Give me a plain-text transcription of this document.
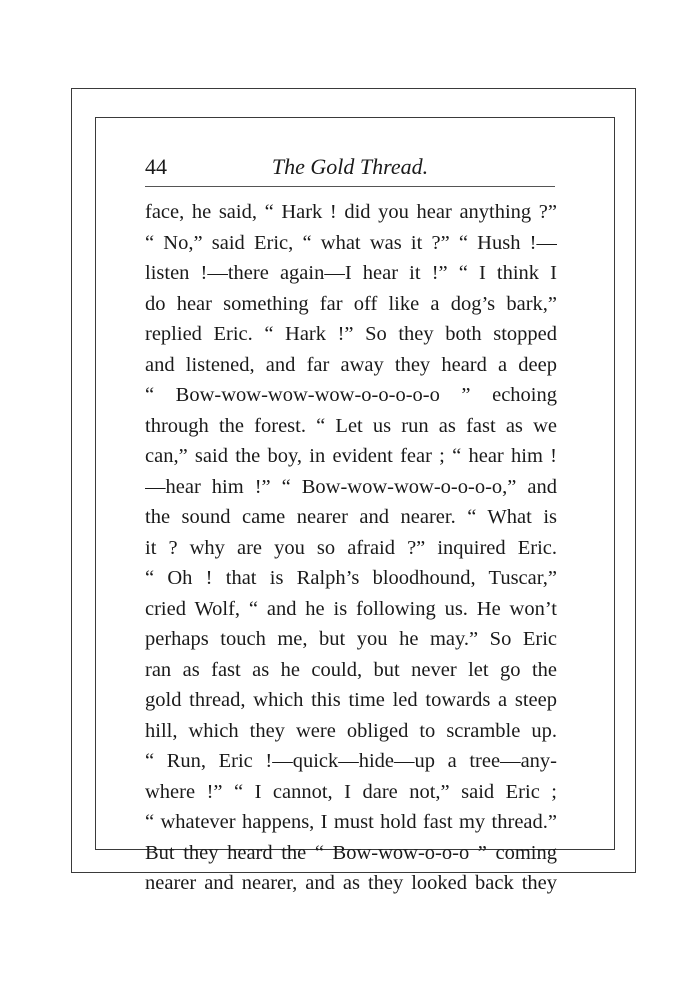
44	The Gold Thread.
face, he said, “ Hark ! did you hear anything ?”
“ No,” said Eric, “ what was it ?” “ Hush !—
listen !—there again—I hear it !” “ I think I
do hear something far off like a dog’s bark,”
replied Eric. “ Hark !” So they both stopped
and listened, and far away they heard a deep
“ Bow-wow-wow-wow-o-o-o-o-o ” echoing
through the forest. “ Let us run as fast as we
can,” said the boy, in evident fear ; “ hear him !
—hear him !” “ Bow-wow-wow-o-o-o-o,” and
the sound came nearer and nearer. “ What is
it ? why are you so afraid ?” inquired Eric.
“ Oh ! that is Ralph’s bloodhound, Tuscar,”
cried Wolf, “ and he is following us. He won’t
perhaps touch me, but you he may.” So Eric
ran as fast as he could, but never let go the
gold thread, which this time led towards a steep
hill, which they were obliged to scramble up.
“ Run, Eric !—quick—hide—up a tree—any-
where !” “ I cannot, I dare not,” said Eric ;
“ whatever happens, I must hold fast my thread.”
But they heard the “ Bow-wow-o-o-o ” coming
nearer and nearer, and as they looked back they
